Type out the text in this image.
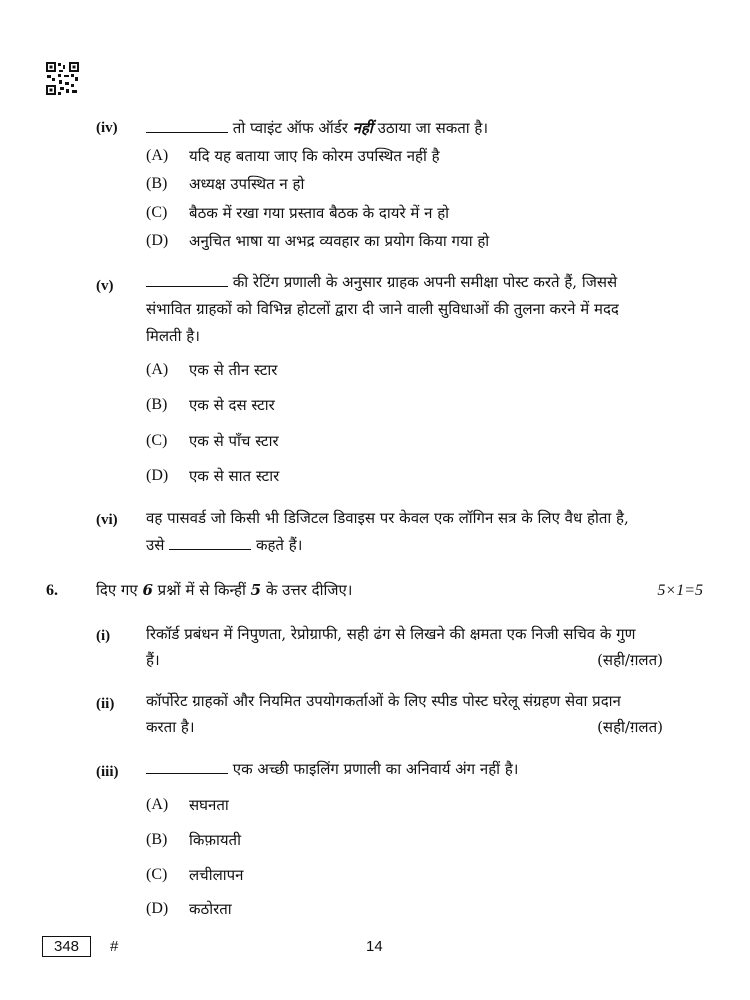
(iv)	तो प्वाइंट ऑफ ऑर्डर नहीं उठाया जा सकता है।
(A) यदि यह बताया जाए कि कोरम उपस्थित नहीं है
(B) अध्यक्ष उपस्थित न हो
(C) बैठक में रखा गया प्रस्ताव बैठक के दायरे में न हो
(D) अनुचित भाषा या अभद्र व्यवहार का प्रयोग किया गया हो
(v)	की रेटिंग प्रणाली के अनुसार ग्राहक अपनी समीक्षा पोस्ट करते हैं, जिससे
संभावित ग्राहकों को विभिन्न होटलों द्वारा दी जाने वाली सुविधाओं की तुलना करने में मदद
मिलती है।
(A) एक से तीन स्टार
(B) एक से दस स्टार
(C) एक से पाँच स्टार
(D) एक से सात स्टार
(vi) वह पासवर्ड जो किसी भी डिजिटल डिवाइस पर केवल एक लॉगिन सत्र के लिए वैध होता है,
उसे	कहते हैं।
6.	दिए गए 6 प्रश्नों में से किन्हीं 5 के उत्तर दीजिए।	5×1=5
(i) रिकॉर्ड प्रबंधन में निपुणता, रेप्रोग्राफी, सही ढंग से लिखने की क्षमता एक निजी सचिव के गुण
हैं।	(सही/ग़लत)
(ii) कॉर्पोरेट ग्राहकों और नियमित उपयोगकर्ताओं के लिए स्पीड पोस्ट घरेलू संग्रहण सेवा प्रदान
करता है।	(सही/ग़लत)
(iii)	एक अच्छी फाइलिंग प्रणाली का अनिवार्य अंग नहीं है।
(A) सघनता
(B) किफ़ायती
(C) लचीलापन
(D) कठोरता
348	#	14
